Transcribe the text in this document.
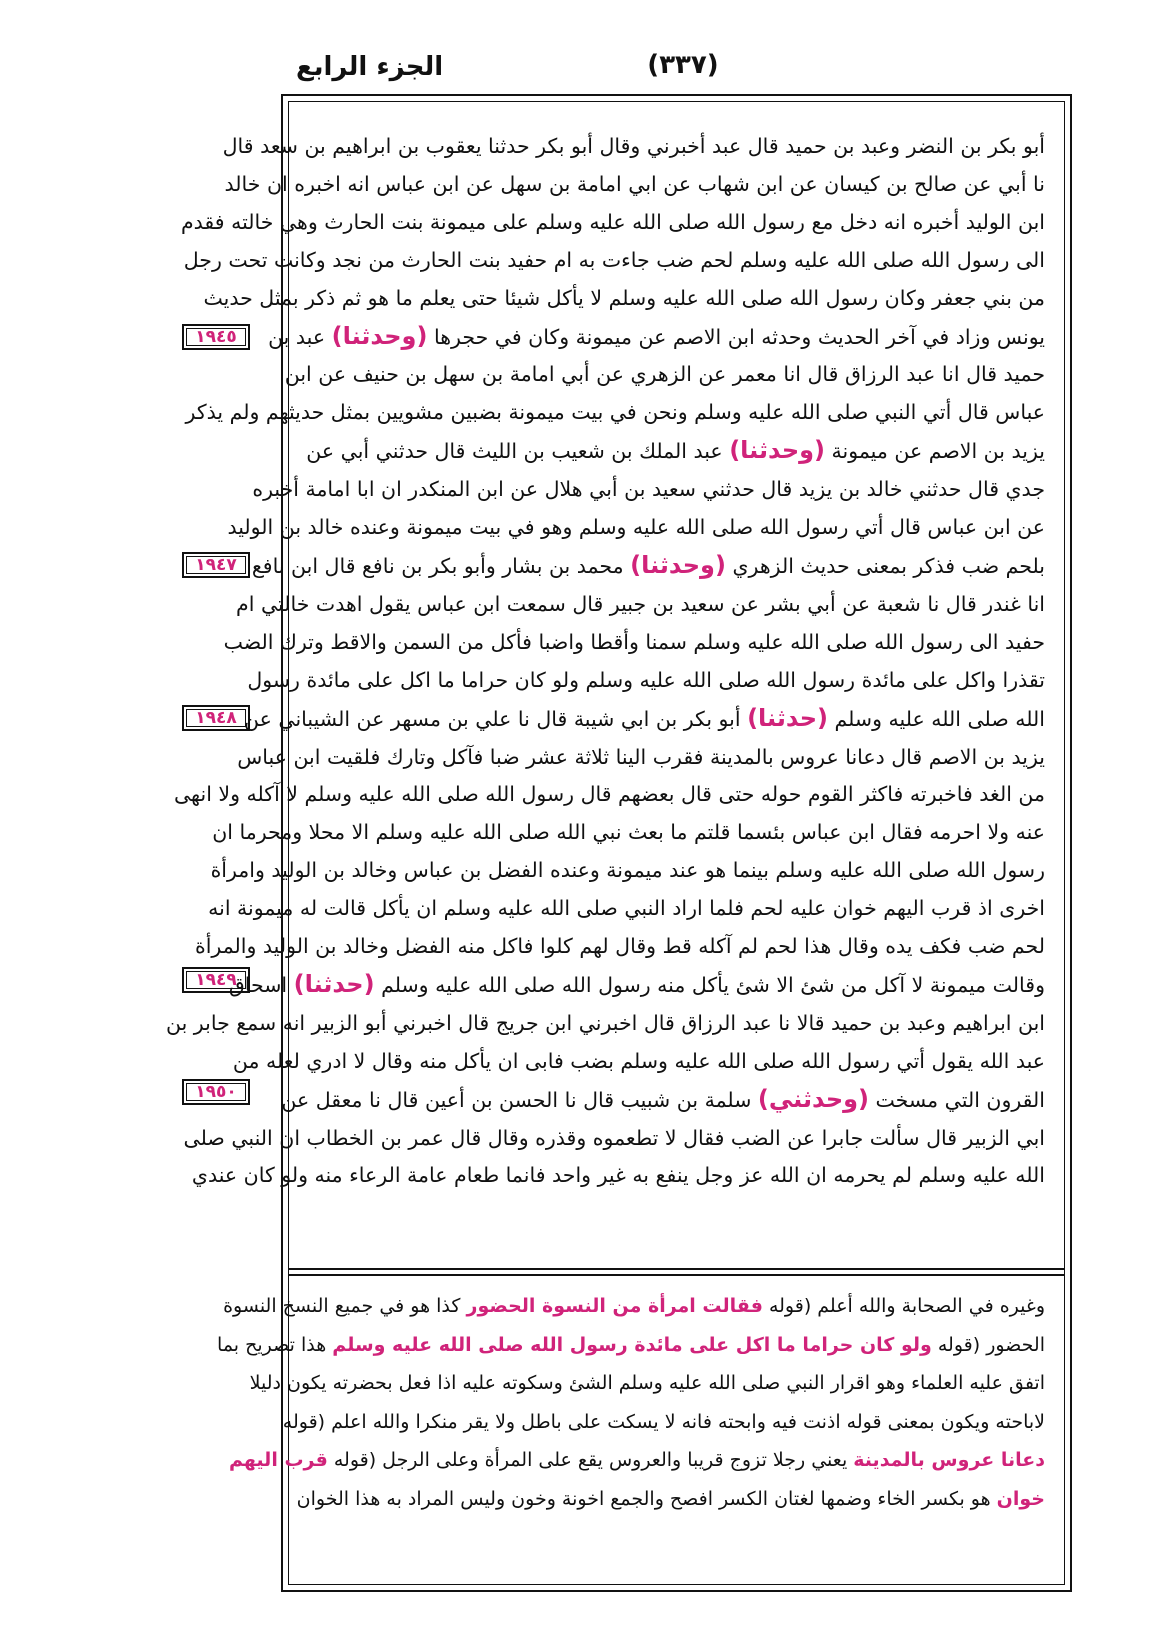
الجزء الرابع	(٣٣٧)
١٩٤٥
١٩٤٧
١٩٤٨
١٩٤٩
١٩٥٠
أبو بكر بن النضر وعبد بن حميد قال عبد أخبرني وقال أبو بكر حدثنا يعقوب بن ابراهيم بن سعد قال
نا أبي عن صالح بن كيسان عن ابن شهاب عن ابي امامة بن سهل عن ابن عباس انه اخبره ان خالد
ابن الوليد أخبره انه دخل مع رسول الله صلى الله عليه وسلم على ميمونة بنت الحارث وهي خالته فقدم
الى رسول الله صلى الله عليه وسلم لحم ضب جاءت به ام حفيد بنت الحارث من نجد وكانت تحت رجل
من بني جعفر وكان رسول الله صلى الله عليه وسلم لا يأكل شيئا حتى يعلم ما هو ثم ذكر بمثل حديث
يونس وزاد في آخر الحديث وحدثه ابن الاصم عن ميمونة وكان في حجرها (وحدثنا) عبد بن
حميد قال انا عبد الرزاق قال انا معمر عن الزهري عن أبي امامة بن سهل بن حنيف عن ابن
عباس قال أتي النبي صلى الله عليه وسلم ونحن في بيت ميمونة بضبين مشويين بمثل حديثهم ولم يذكر
يزيد بن الاصم عن ميمونة (وحدثنا) عبد الملك بن شعيب بن الليث قال حدثني أبي عن
جدي قال حدثني خالد بن يزيد قال حدثني سعيد بن أبي هلال عن ابن المنكدر ان ابا امامة أخبره
عن ابن عباس قال أتي رسول الله صلى الله عليه وسلم وهو في بيت ميمونة وعنده خالد بن الوليد
بلحم ضب فذكر بمعنى حديث الزهري (وحدثنا) محمد بن بشار وأبو بكر بن نافع قال ابن نافع
انا غندر قال نا شعبة عن أبي بشر عن سعيد بن جبير قال سمعت ابن عباس يقول اهدت خالتي ام
حفيد الى رسول الله صلى الله عليه وسلم سمنا وأقطا واضبا فأكل من السمن والاقط وترك الضب
تقذرا واكل على مائدة رسول الله صلى الله عليه وسلم ولو كان حراما ما اكل على مائدة رسول
الله صلى الله عليه وسلم (حدثنا) أبو بكر بن ابي شيبة قال نا علي بن مسهر عن الشيباني عن
يزيد بن الاصم قال دعانا عروس بالمدينة فقرب الينا ثلاثة عشر ضبا فآكل وتارك فلقيت ابن عباس
من الغد فاخبرته فاكثر القوم حوله حتى قال بعضهم قال رسول الله صلى الله عليه وسلم لا آكله ولا انهى
عنه ولا احرمه فقال ابن عباس بئسما قلتم ما بعث نبي الله صلى الله عليه وسلم الا محلا ومحرما ان
رسول الله صلى الله عليه وسلم بينما هو عند ميمونة وعنده الفضل بن عباس وخالد بن الوليد وامرأة
اخرى اذ قرب اليهم خوان عليه لحم فلما اراد النبي صلى الله عليه وسلم ان يأكل قالت له ميمونة انه
لحم ضب فكف يده وقال هذا لحم لم آكله قط وقال لهم كلوا فاكل منه الفضل وخالد بن الوليد والمرأة
وقالت ميمونة لا آكل من شئ الا شئ يأكل منه رسول الله صلى الله عليه وسلم (حدثنا) اسحاق
ابن ابراهيم وعبد بن حميد قالا نا عبد الرزاق قال اخبرني ابن جريج قال اخبرني أبو الزبير انه سمع جابر بن
عبد الله يقول أتي رسول الله صلى الله عليه وسلم بضب فابى ان يأكل منه وقال لا ادري لعله من
القرون التي مسخت (وحدثني) سلمة بن شبيب قال نا الحسن بن أعين قال نا معقل عن
ابي الزبير قال سألت جابرا عن الضب فقال لا تطعموه وقذره وقال قال عمر بن الخطاب ان النبي صلى
الله عليه وسلم لم يحرمه ان الله عز وجل ينفع به غير واحد فانما طعام عامة الرعاء منه ولو كان عندي
وغيره في الصحابة والله أعلم (قوله فقالت امرأة من النسوة الحضور كذا هو في جميع النسخ النسوة
الحضور (قوله ولو كان حراما ما اكل على مائدة رسول الله صلى الله عليه وسلم هذا تصريح بما
اتفق عليه العلماء وهو اقرار النبي صلى الله عليه وسلم الشئ وسكوته عليه اذا فعل بحضرته يكون دليلا
لاباحته ويكون بمعنى قوله اذنت فيه وابحته فانه لا يسكت على باطل ولا يقر منكرا والله اعلم (قوله
دعانا عروس بالمدينة يعني رجلا تزوج قريبا والعروس يقع على المرأة وعلى الرجل (قوله قرب اليهم
خوان هو بكسر الخاء وضمها لغتان الكسر افصح والجمع اخونة وخون وليس المراد به هذا الخوان
